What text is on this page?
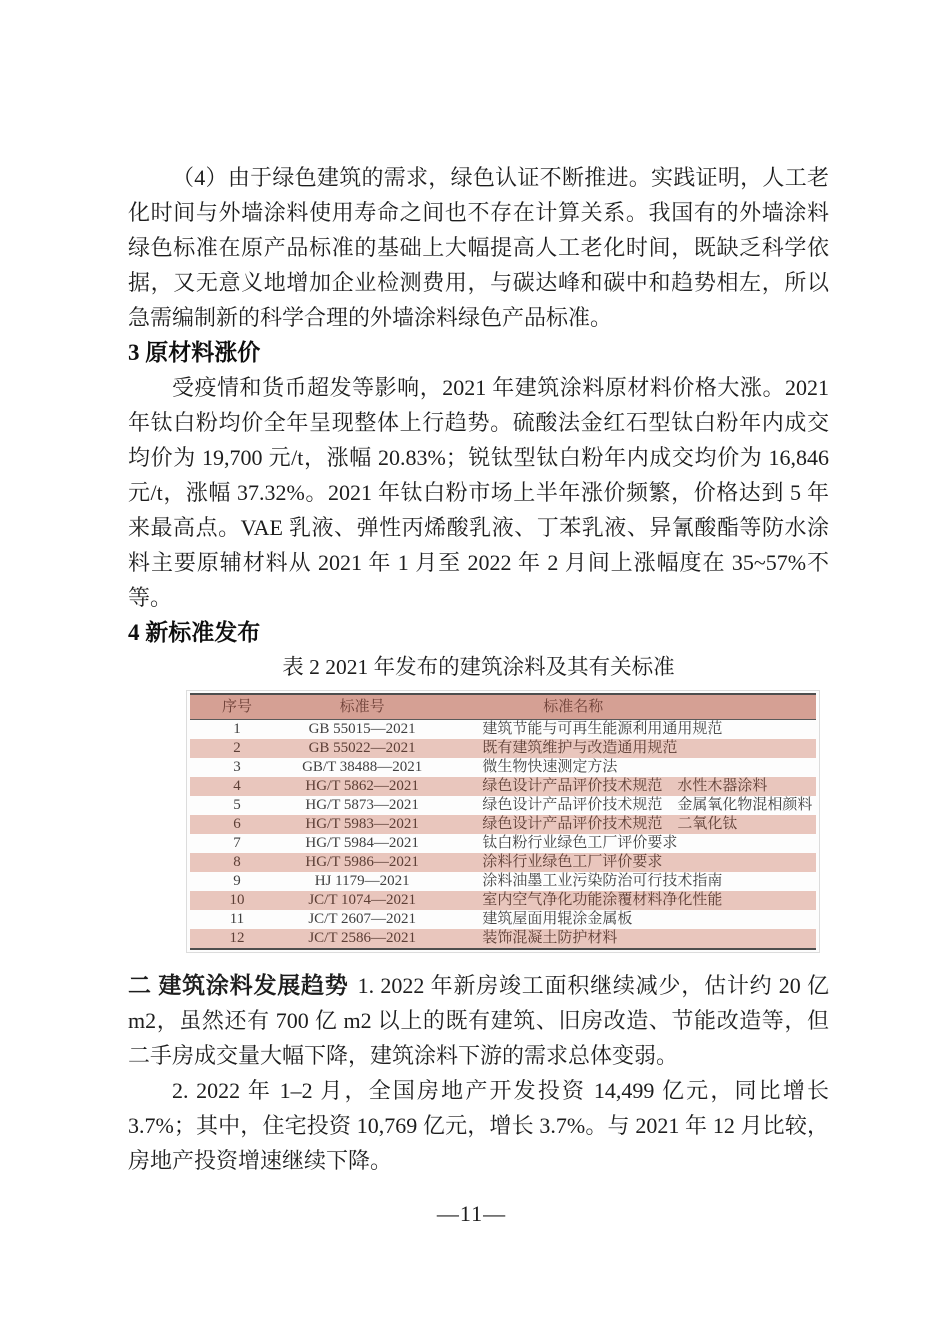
（4）由于绿色建筑的需求，绿色认证不断推进。实践证明，人工老化时间与外墙涂料使用寿命之间也不存在计算关系。我国有的外墙涂料绿色标准在原产品标准的基础上大幅提高人工老化时间，既缺乏科学依据，又无意义地增加企业检测费用，与碳达峰和碳中和趋势相左，所以急需编制新的科学合理的外墙涂料绿色产品标准。

3 原材料涨价

受疫情和货币超发等影响，2021 年建筑涂料原材料价格大涨。2021 年钛白粉均价全年呈现整体上行趋势。硫酸法金红石型钛白粉年内成交均价为 19,700 元/t，涨幅 20.83%；锐钛型钛白粉年内成交均价为 16,846 元/t，涨幅 37.32%。2021 年钛白粉市场上半年涨价频繁，价格达到 5 年来最高点。VAE 乳液、弹性丙烯酸乳液、丁苯乳液、异氰酸酯等防水涂料主要原辅材料从 2021 年 1 月至 2022 年 2 月间上涨幅度在 35~57%不等。

4 新标准发布
表 2 2021 年发布的建筑涂料及其有关标准
序号	标准号	标准名称
1	GB 55015—2021	建筑节能与可再生能源利用通用规范
2	GB 55022—2021	既有建筑维护与改造通用规范
3	GB/T 38488—2021	微生物快速测定方法
4	HG/T 5862—2021	绿色设计产品评价技术规范　水性木器涂料
5	HG/T 5873—2021	绿色设计产品评价技术规范　金属氧化物混相颜料
6	HG/T 5983—2021	绿色设计产品评价技术规范　二氧化钛
7	HG/T 5984—2021	钛白粉行业绿色工厂评价要求
8	HG/T 5986—2021	涂料行业绿色工厂评价要求
9	HJ 1179—2021	涂料油墨工业污染防治可行技术指南
10	JC/T 1074—2021	室内空气净化功能涂覆材料净化性能
11	JC/T 2607—2021	建筑屋面用辊涂金属板
12	JC/T 2586—2021	装饰混凝土防护材料

二 建筑涂料发展趋势 1. 2022 年新房竣工面积继续减少，估计约 20 亿 m2，虽然还有 700 亿 m2 以上的既有建筑、旧房改造、节能改造等，但二手房成交量大幅下降，建筑涂料下游的需求总体变弱。

2. 2022 年 1–2 月，全国房地产开发投资 14,499 亿元，同比增长 3.7%；其中，住宅投资 10,769 亿元，增长 3.7%。与 2021 年 12 月比较，房地产投资增速继续下降。

—11—
